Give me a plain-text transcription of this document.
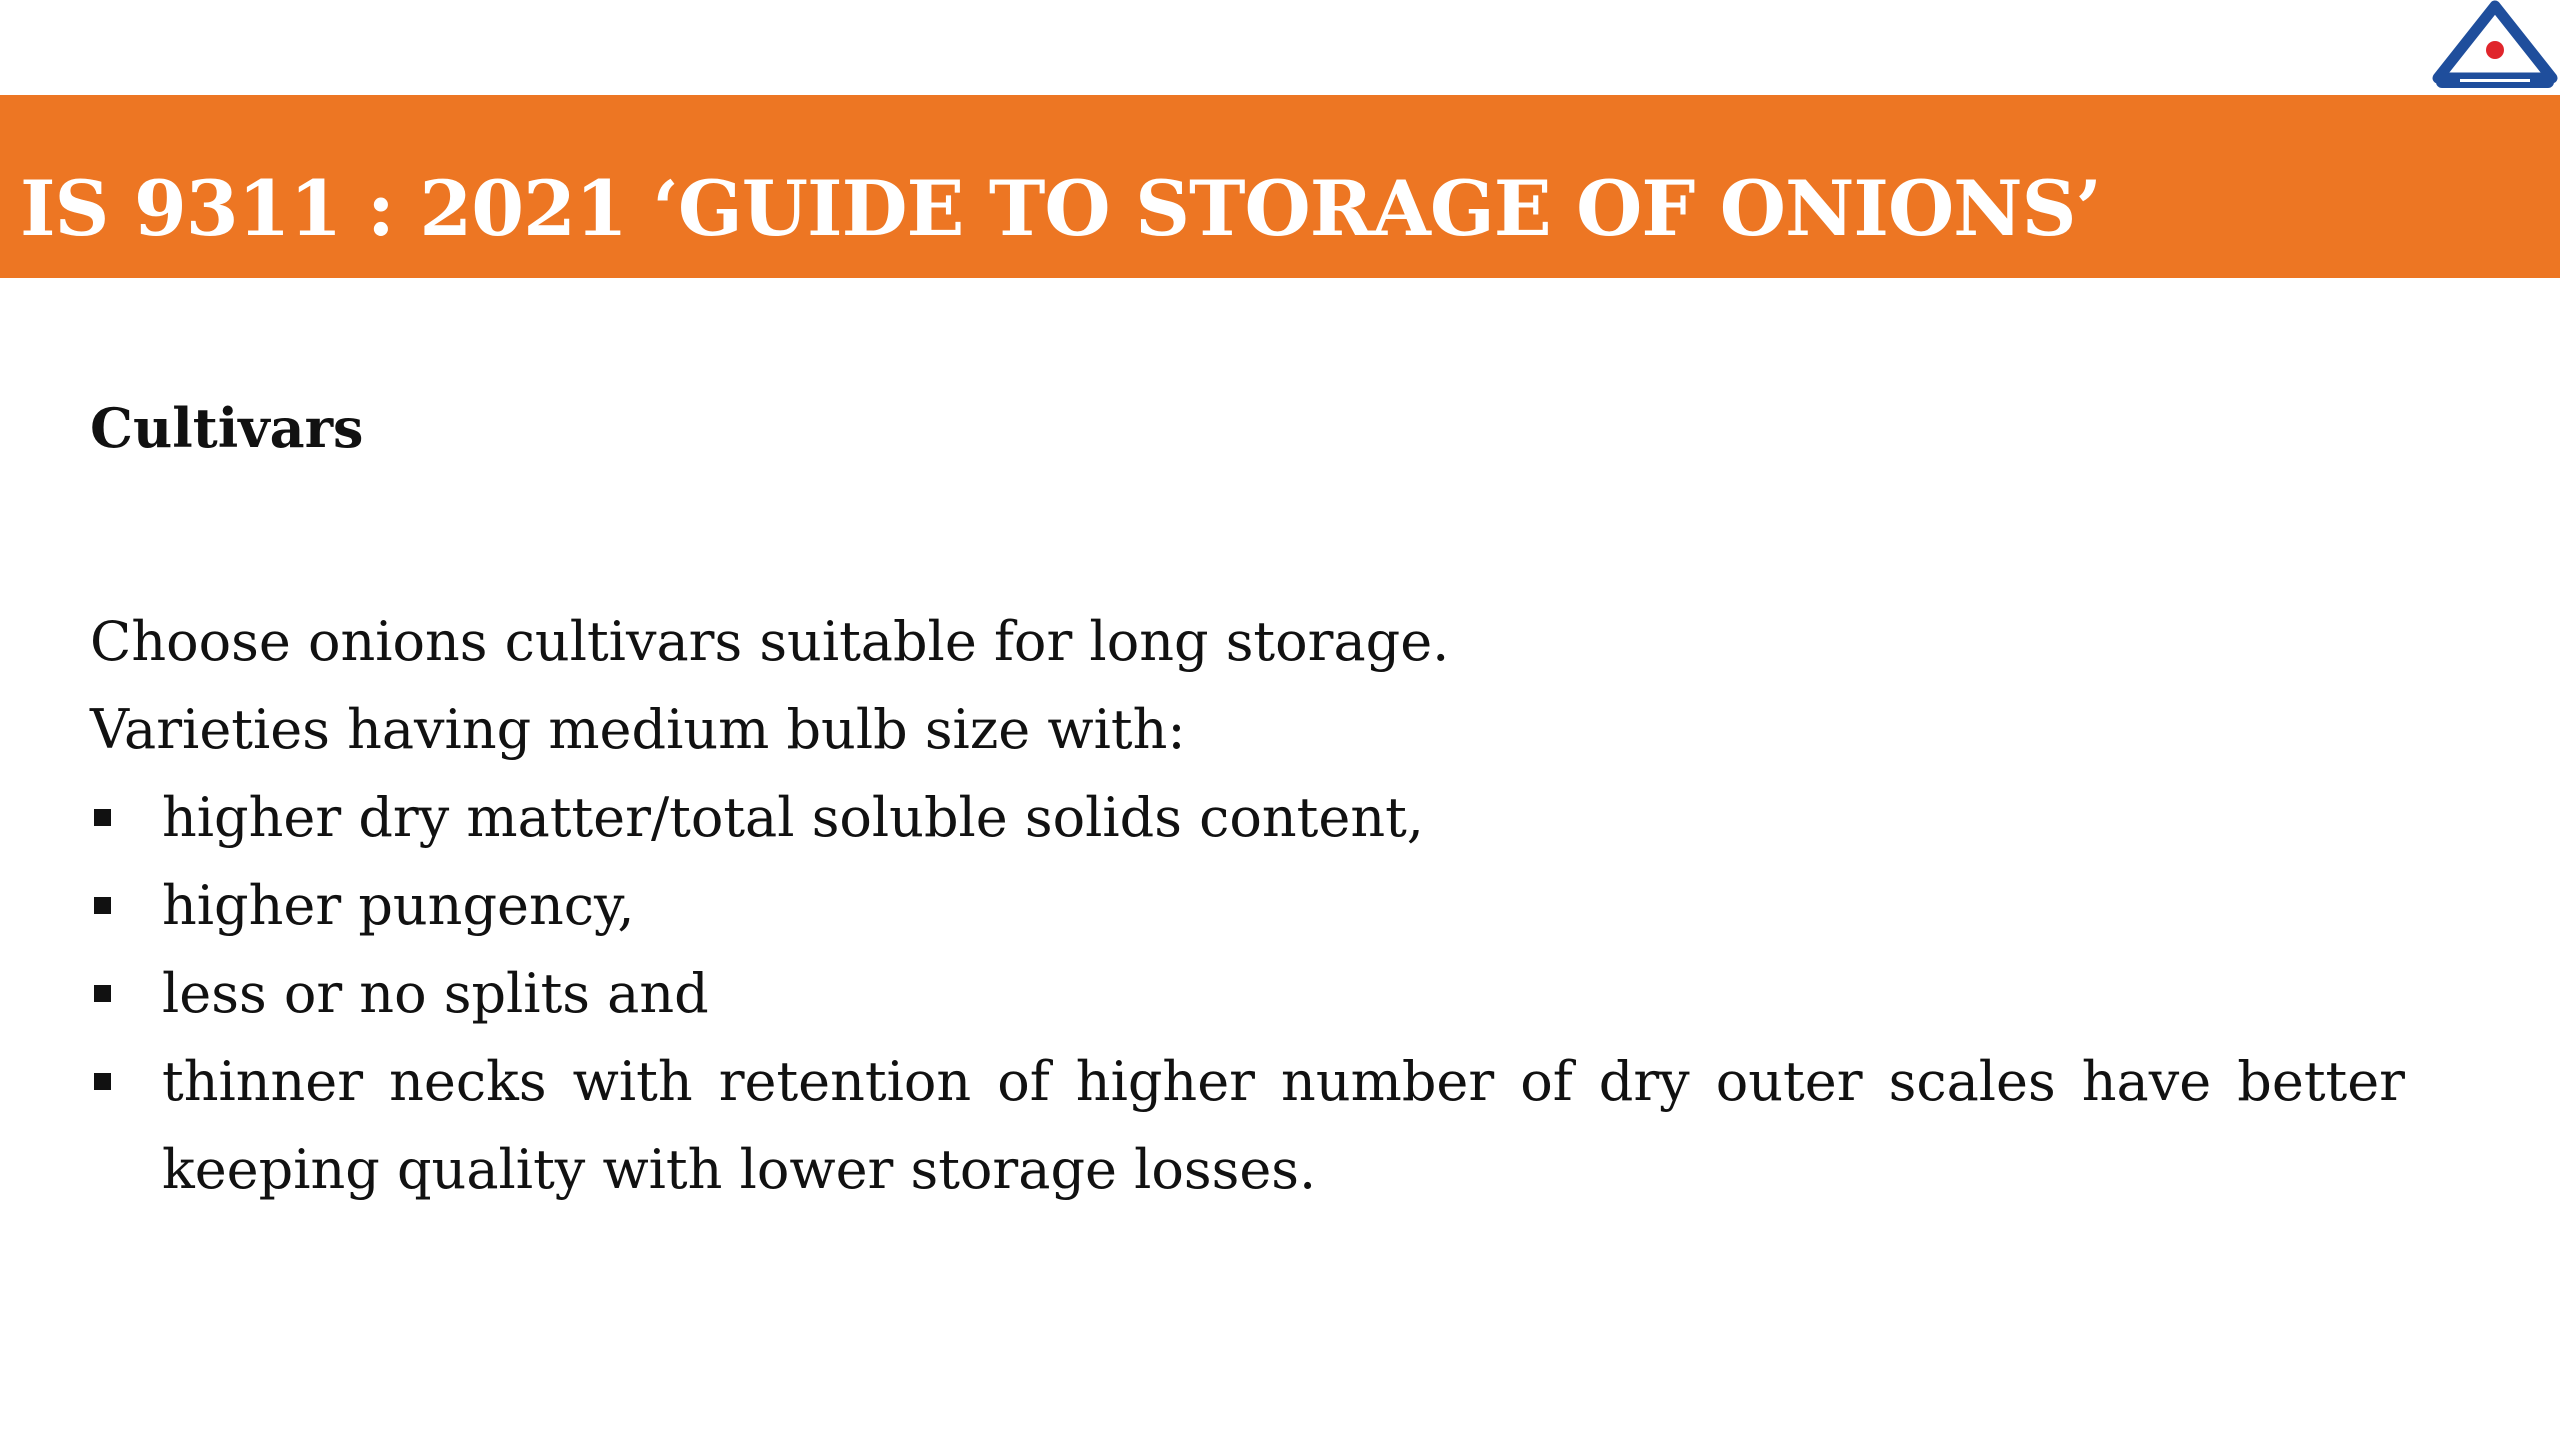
IS 9311 : 2021 ‘GUIDE TO STORAGE OF ONIONS’
Cultivars

Choose onions cultivars suitable for long storage.

Varieties having medium bulb size with:

higher dry matter/total soluble solids content,
higher pungency,
less or no splits and
thinner necks with retention of higher number of dry outer scales have better keeping quality with lower storage losses.
